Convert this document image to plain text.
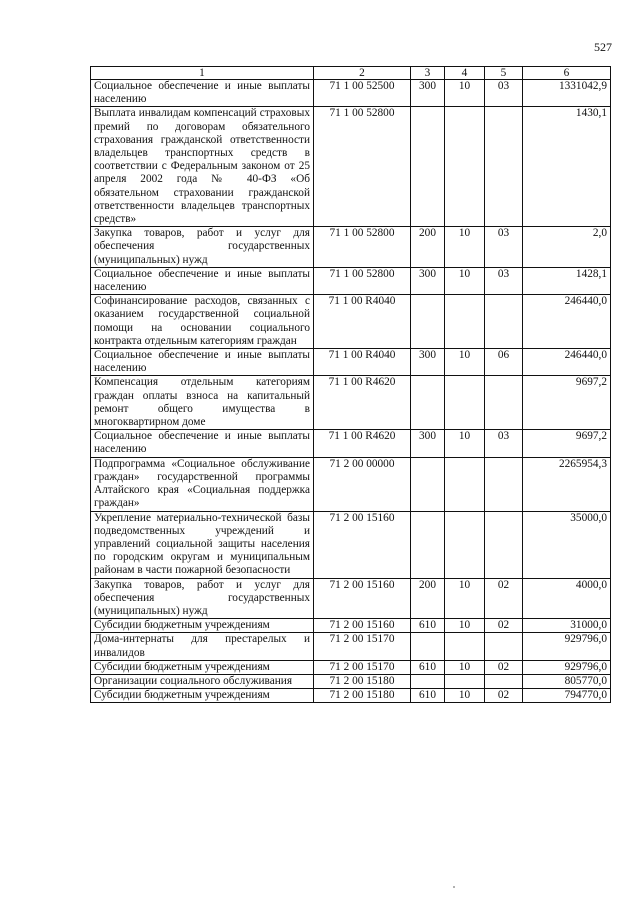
527
1	2	3	4	5	6
Социальное обеспечение и иные выплаты населению	71 1 00 52500	300	10	03	1331042,9
Выплата инвалидам компенсаций страховых премий по договорам обязательного страхования гражданской ответственности владельцев транспортных средств в соответствии с Федеральным законом от 25 апреля 2002 года № 40-ФЗ «Об обязательном страховании гражданской ответственности владельцев транспортных средств»	71 1 00 52800				1430,1
Закупка товаров, работ и услуг для обеспечения государственных (муниципальных) нужд	71 1 00 52800	200	10	03	2,0
Социальное обеспечение и иные выплаты населению	71 1 00 52800	300	10	03	1428,1
Софинансирование расходов, связанных с оказанием государственной социальной помощи на основании социального контракта отдельным категориям граждан	71 1 00 R4040				246440,0
Социальное обеспечение и иные выплаты населению	71 1 00 R4040	300	10	06	246440,0
Компенсация отдельным категориям граждан оплаты взноса на капитальный ремонт общего имущества в многоквартирном доме	71 1 00 R4620				9697,2
Социальное обеспечение и иные выплаты населению	71 1 00 R4620	300	10	03	9697,2
Подпрограмма «Социальное обслуживание граждан» государственной программы Алтайского края «Социальная поддержка граждан»	71 2 00 00000				2265954,3
Укрепление материально-технической базы подведомственных учреждений и управлений социальной защиты населения по городским округам и муниципальным районам в части пожарной безопасности	71 2 00 15160				35000,0
Закупка товаров, работ и услуг для обеспечения государственных (муниципальных) нужд	71 2 00 15160	200	10	02	4000,0
Субсидии бюджетным учреждениям	71 2 00 15160	610	10	02	31000,0
Дома-интернаты для престарелых и инвалидов	71 2 00 15170				929796,0
Субсидии бюджетным учреждениям	71 2 00 15170	610	10	02	929796,0
Организации социального обслуживания	71 2 00 15180				805770,0
Субсидии бюджетным учреждениям	71 2 00 15180	610	10	02	794770,0
